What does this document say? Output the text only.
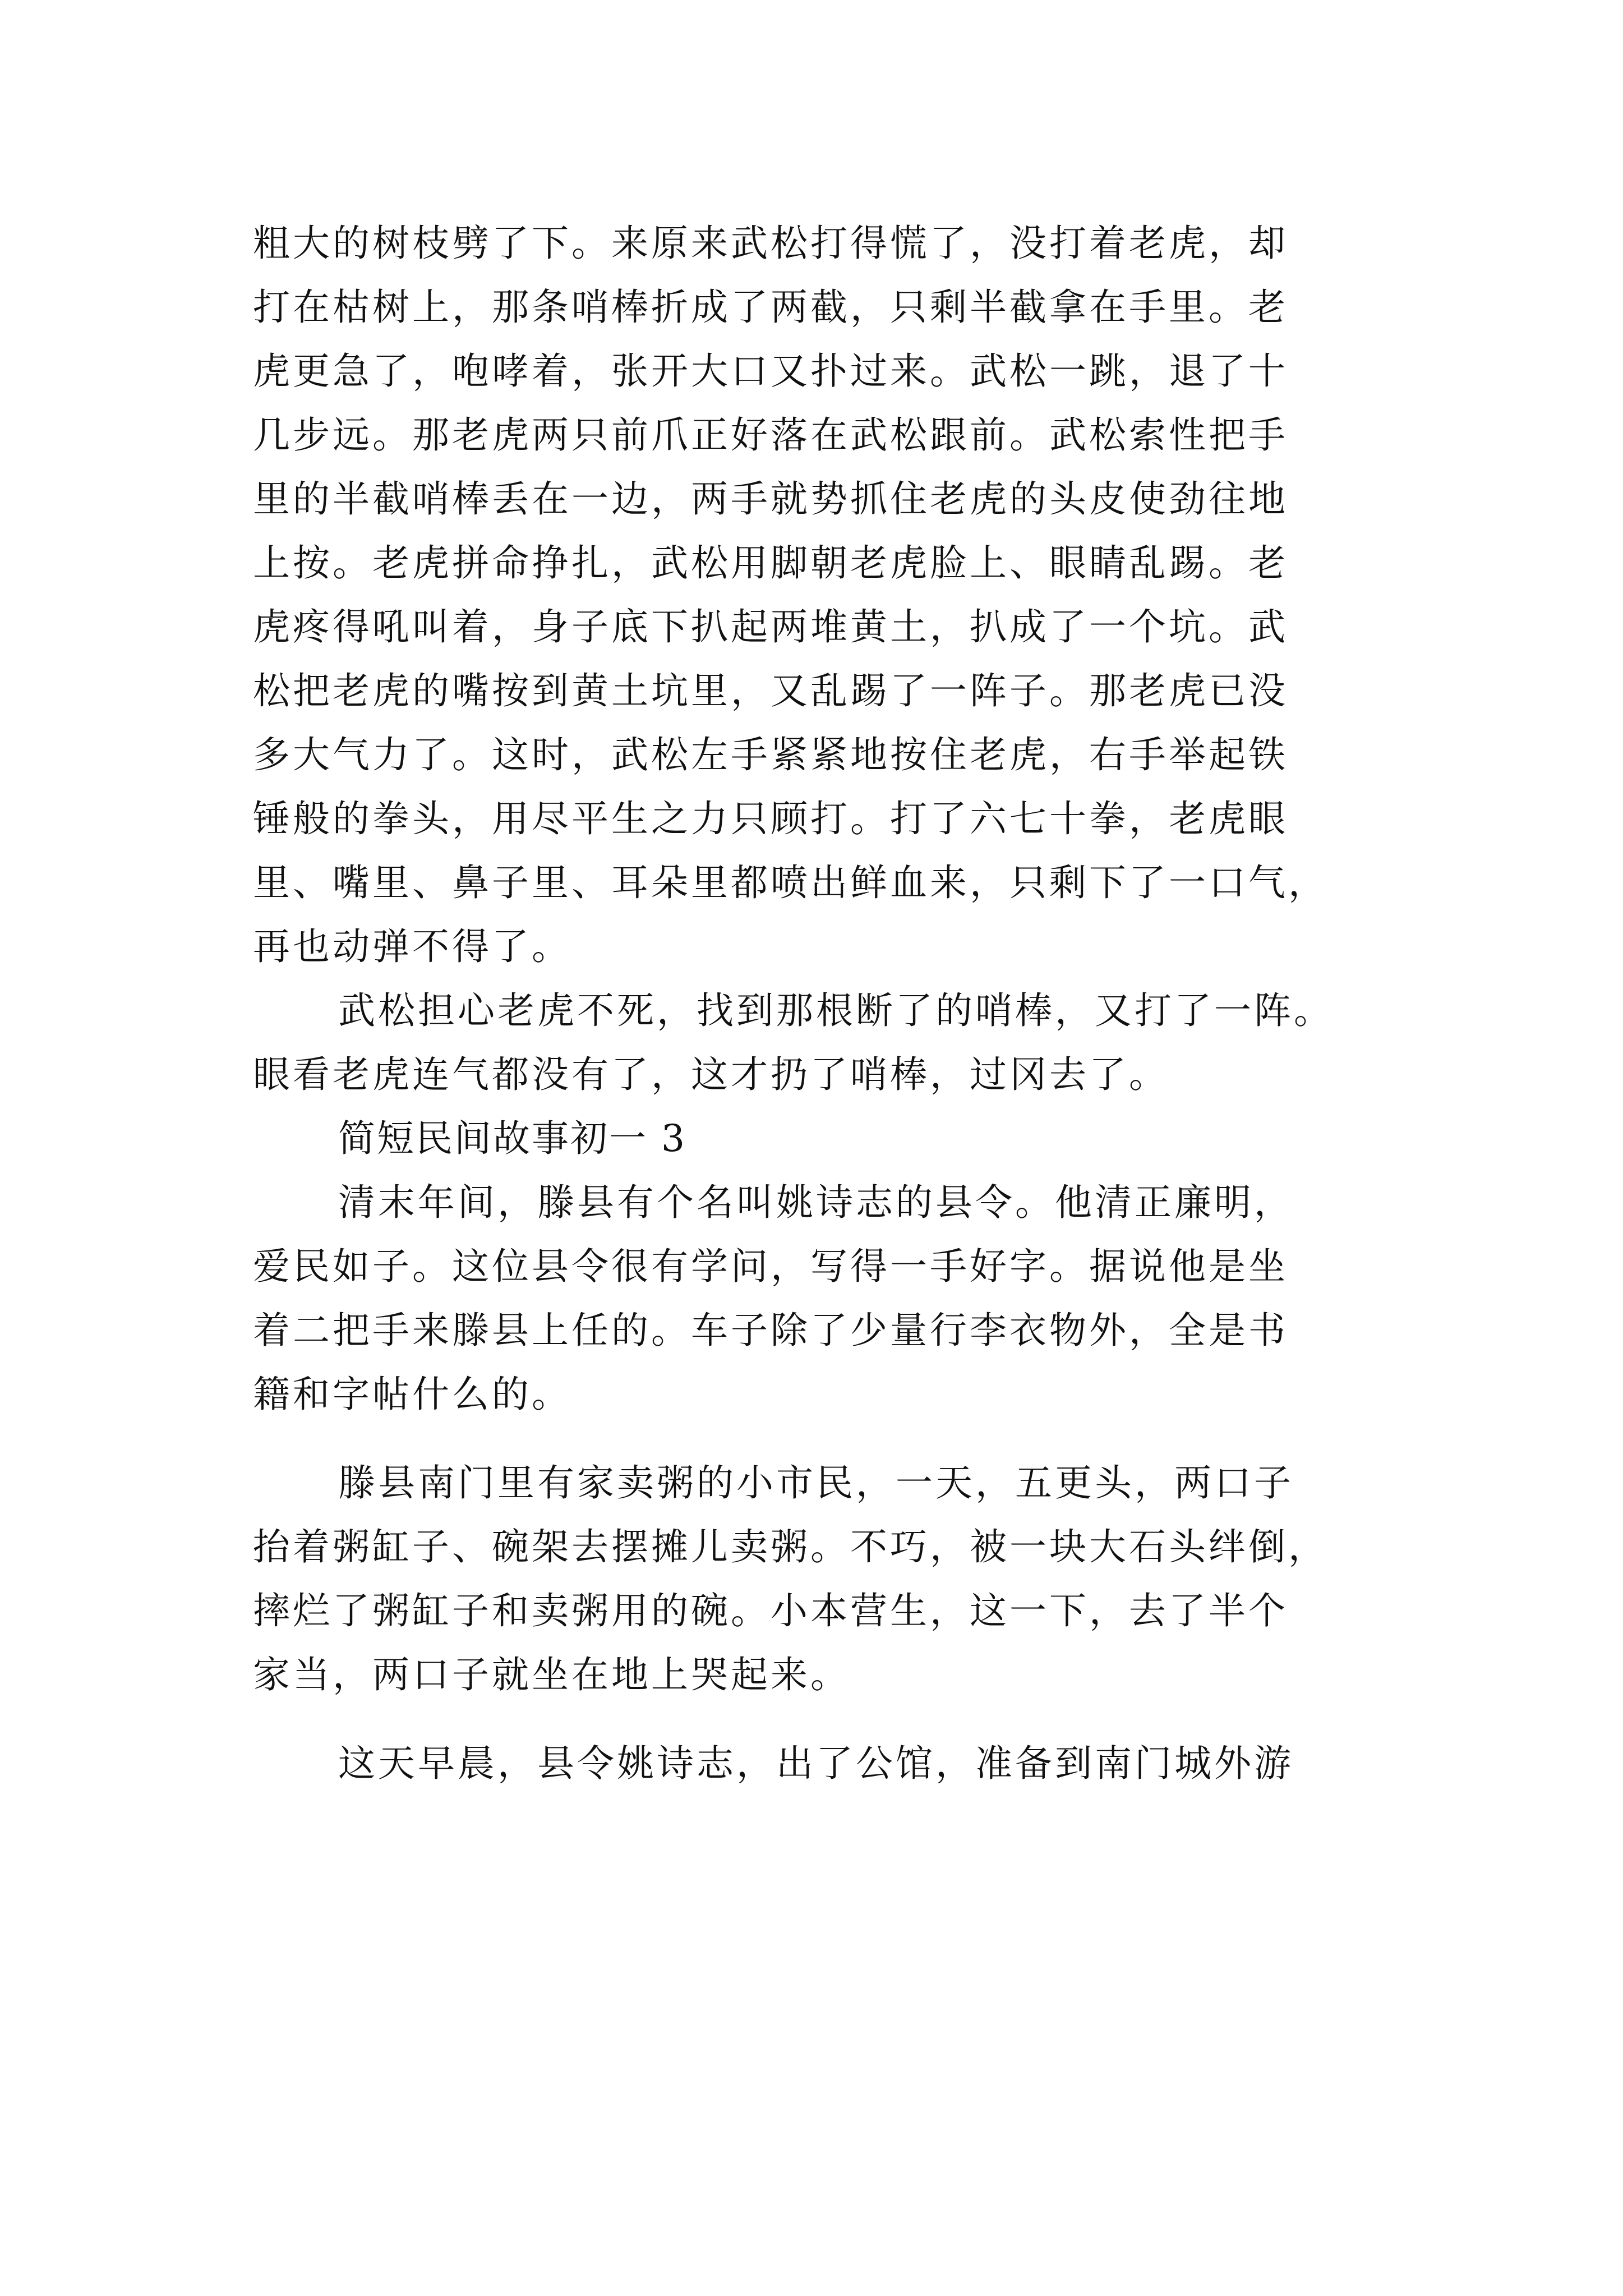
粗大的树枝劈了下。来原来武松打得慌了，没打着老虎，却
打在枯树上，那条哨棒折成了两截，只剩半截拿在手里。老
虎更急了，咆哮着，张开大口又扑过来。武松一跳，退了十
几步远。那老虎两只前爪正好落在武松跟前。武松索性把手
里的半截哨棒丢在一边，两手就势抓住老虎的头皮使劲往地
上按。老虎拼命挣扎，武松用脚朝老虎脸上、眼睛乱踢。老
虎疼得吼叫着，身子底下扒起两堆黄土，扒成了一个坑。武
松把老虎的嘴按到黄土坑里，又乱踢了一阵子。那老虎已没
多大气力了。这时，武松左手紧紧地按住老虎，右手举起铁
锤般的拳头，用尽平生之力只顾打。打了六七十拳，老虎眼
里、嘴里、鼻子里、耳朵里都喷出鲜血来，只剩下了一口气，
再也动弹不得了。
武松担心老虎不死，找到那根断了的哨棒，又打了一阵。
眼看老虎连气都没有了，这才扔了哨棒，过冈去了。
简短民间故事初一 3
清末年间，滕县有个名叫姚诗志的县令。他清正廉明，
爱民如子。这位县令很有学问，写得一手好字。据说他是坐
着二把手来滕县上任的。车子除了少量行李衣物外，全是书
籍和字帖什么的。
滕县南门里有家卖粥的小市民，一天，五更头，两口子
抬着粥缸子、碗架去摆摊儿卖粥。不巧，被一块大石头绊倒，
摔烂了粥缸子和卖粥用的碗。小本营生，这一下，去了半个
家当，两口子就坐在地上哭起来。
这天早晨，县令姚诗志，出了公馆，准备到南门城外游
